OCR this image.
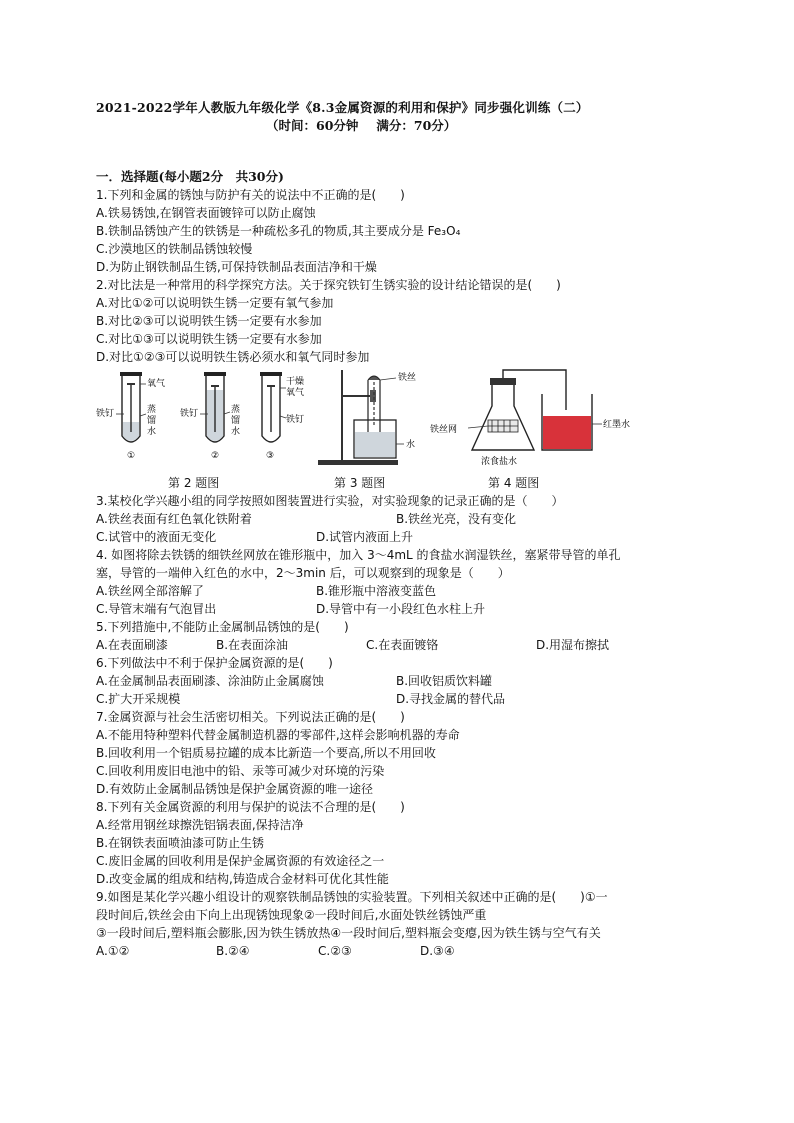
2021-2022学年人教版九年级化学《8.3金属资源的利用和保护》同步强化训练（二）
（时间：60分钟 满分：70分）
一．选择题(每小题2分　共30分)
1.下列和金属的锈蚀与防护有关的说法中不正确的是(　　)
A.铁易锈蚀,在钢管表面镀锌可以防止腐蚀
B.铁制品锈蚀产生的铁锈是一种疏松多孔的物质,其主要成分是 Fe₃O₄
C.沙漠地区的铁制品锈蚀较慢
D.为防止钢铁制品生锈,可保持铁制品表面洁净和干燥
2.对比法是一种常用的科学探究方法。关于探究铁钉生锈实验的设计结论错误的是(　　)
A.对比①②可以说明铁生锈一定要有氧气参加
B.对比②③可以说明铁生锈一定要有水参加
C.对比①③可以说明铁生锈一定要有水参加
D.对比①②③可以说明铁生锈必须水和氧气同时参加
氧气
铁钉	蒸
馏
水
①
铁钉	蒸
馏
水
②
干燥
氧气
铁钉
③
铁丝
水
铁丝网	红墨水
浓食盐水
第 2 题图	第 3 题图	第 4 题图
3.某校化学兴趣小组的同学按照如图装置进行实验，对实验现象的记录正确的是（　　）
A.铁丝表面有红色氧化铁附着	B.铁丝光亮，没有变化
C.试管中的液面无变化	D.试管内液面上升
4. 如图将除去铁锈的细铁丝网放在锥形瓶中，加入 3～4mL 的食盐水润湿铁丝，塞紧带导管的单孔
塞，导管的一端伸入红色的水中，2～3min 后，可以观察到的现象是（　　）
A.铁丝网全部溶解了	B.锥形瓶中溶液变蓝色
C.导管末端有气泡冒出	D.导管中有一小段红色水柱上升
5.下列措施中,不能防止金属制品锈蚀的是(　　)
A.在表面刷漆	B.在表面涂油	C.在表面镀铬	D.用湿布擦拭
6.下列做法中不利于保护金属资源的是(　　)
A.在金属制品表面刷漆、涂油防止金属腐蚀	B.回收铝质饮料罐
C.扩大开采规模	D.寻找金属的替代品
7.金属资源与社会生活密切相关。下列说法正确的是(　　)
A.不能用特种塑料代替金属制造机器的零部件,这样会影响机器的寿命
B.回收利用一个铝质易拉罐的成本比新造一个要高,所以不用回收
C.回收利用废旧电池中的铅、汞等可减少对环境的污染
D.有效防止金属制品锈蚀是保护金属资源的唯一途径
8.下列有关金属资源的利用与保护的说法不合理的是(　　)
A.经常用钢丝球擦洗铝锅表面,保持洁净
B.在钢铁表面喷油漆可防止生锈
C.废旧金属的回收利用是保护金属资源的有效途径之一
D.改变金属的组成和结构,铸造成合金材料可优化其性能
9.如图是某化学兴趣小组设计的观察铁制品锈蚀的实验装置。下列相关叙述中正确的是(　　)①一
段时间后,铁丝会由下向上出现锈蚀现象②一段时间后,水面处铁丝锈蚀严重
③一段时间后,塑料瓶会膨胀,因为铁生锈放热④一段时间后,塑料瓶会变瘪,因为铁生锈与空气有关
A.①②	B.②④	C.②③	D.③④
